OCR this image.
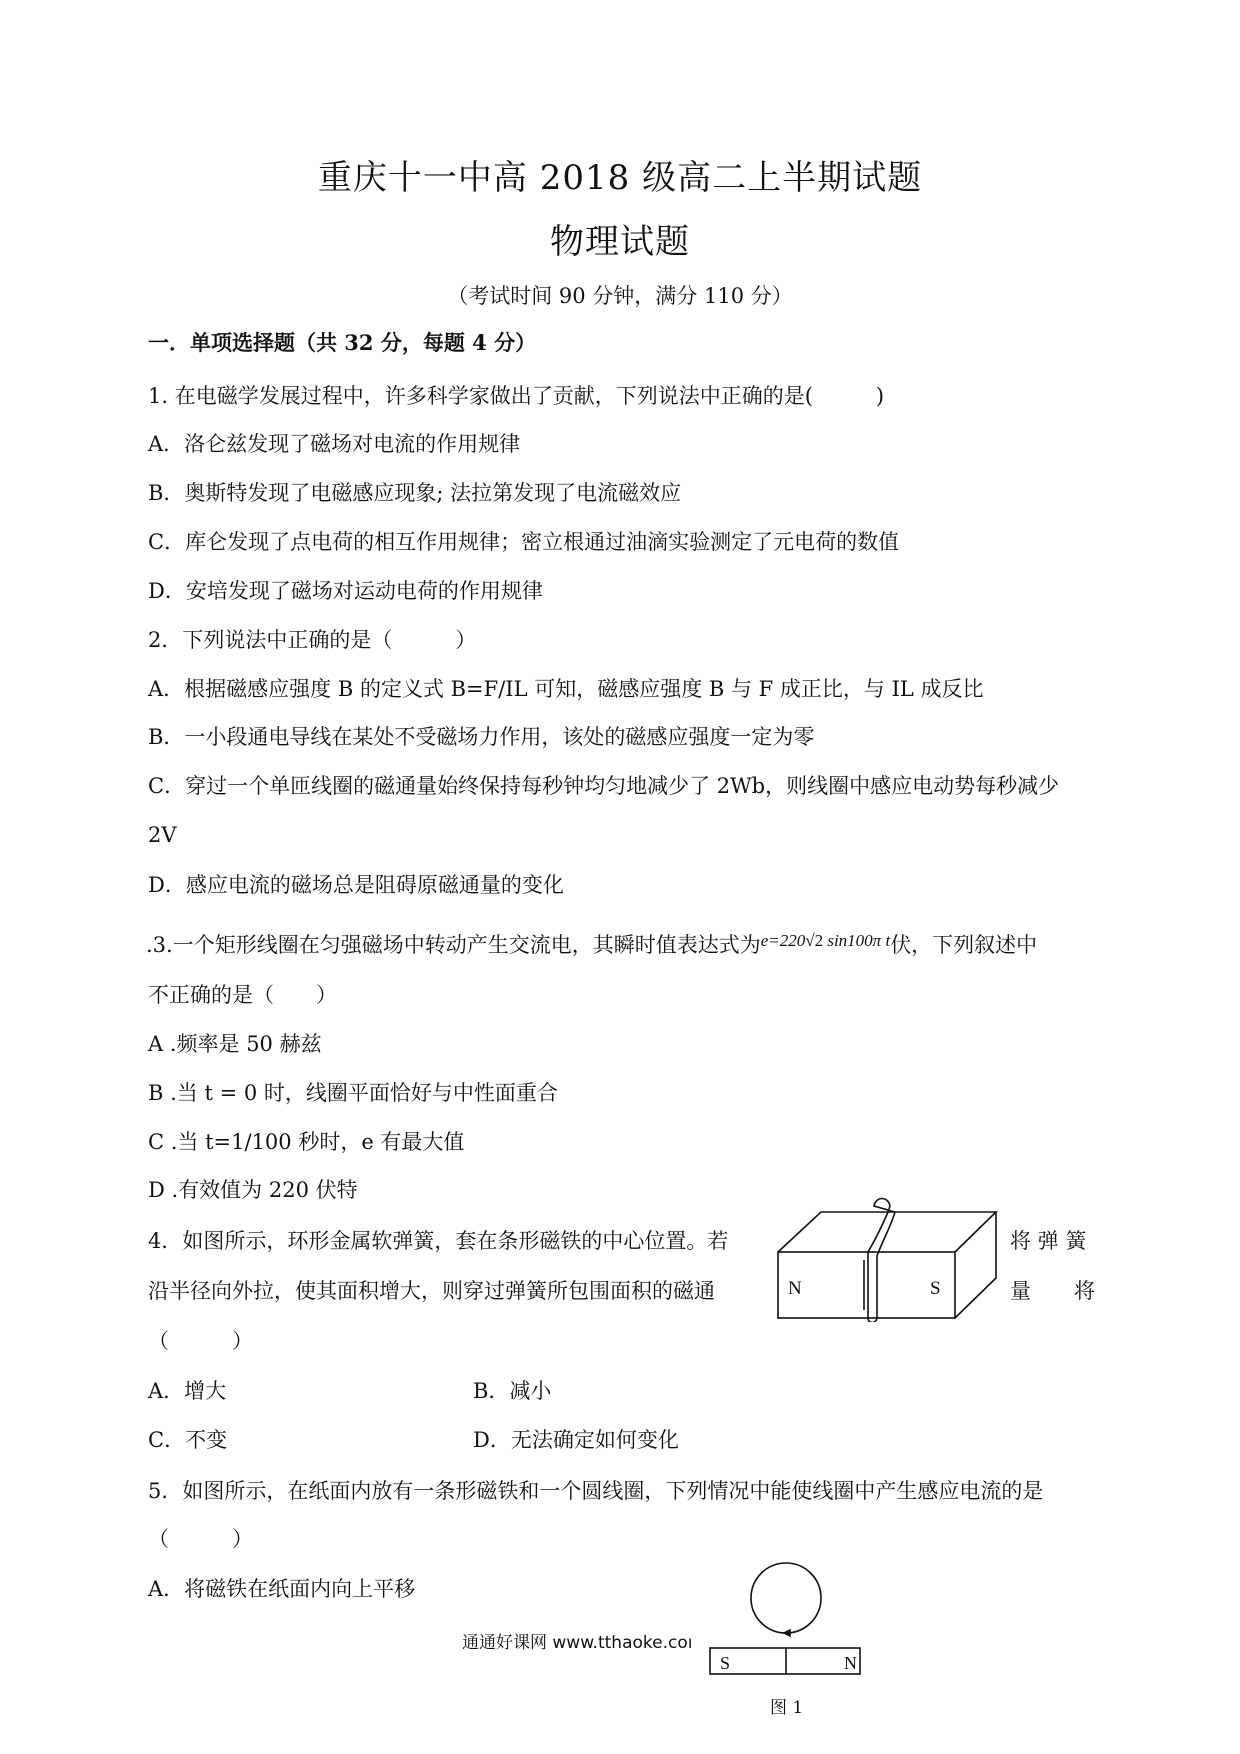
重庆十一中高 2018 级高二上半期试题
物理试题
（考试时间 90 分钟，满分 110 分）
一．单项选择题（共 32 分，每题 4 分）
1. 在电磁学发展过程中，许多科学家做出了贡献，下列说法中正确的是(　　　)
A．洛仑兹发现了磁场对电流的作用规律
B．奥斯特发现了电磁感应现象; 法拉第发现了电流磁效应
C．库仑发现了点电荷的相互作用规律；密立根通过油滴实验测定了元电荷的数值
D．安培发现了磁场对运动电荷的作用规律
2．下列说法中正确的是（　　　）
A．根据磁感应强度 B 的定义式 B=F/IL 可知，磁感应强度 B 与 F 成正比，与 IL 成反比
B．一小段通电导线在某处不受磁场力作用，该处的磁感应强度一定为零
C．穿过一个单匝线圈的磁通量始终保持每秒钟均匀地减少了 2Wb，则线圈中感应电动势每秒减少
2V
D．感应电流的磁场总是阻碍原磁通量的变化
.3.一个矩形线圈在匀强磁场中转动产生交流电，其瞬时值表达式为$^{e=220√2 sin100\pi t}$伏，下列叙述中
不正确的是（　　）
A .频率是 50 赫兹
B .当 t = 0 时，线圈平面恰好与中性面重合
C .当 t=1/100 秒时，e 有最大值
D .有效值为 220 伏特
4．如图所示，环形金属软弹簧，套在条形磁铁的中心位置。若	将 弹 簧
沿半径向外拉，使其面积增大，则穿过弹簧所包围面积的磁通	量 将
（　　　）
N	S
A．增大	B．减小
C．不变	D．无法确定如何变化
5．如图所示，在纸面内放有一条形磁铁和一个圆线圈，下列情况中能使线圈中产生感应电流的是
（　　　）
A．将磁铁在纸面内向上平移
S	N
通通好课网 www.tthaoke.coı
图 1
